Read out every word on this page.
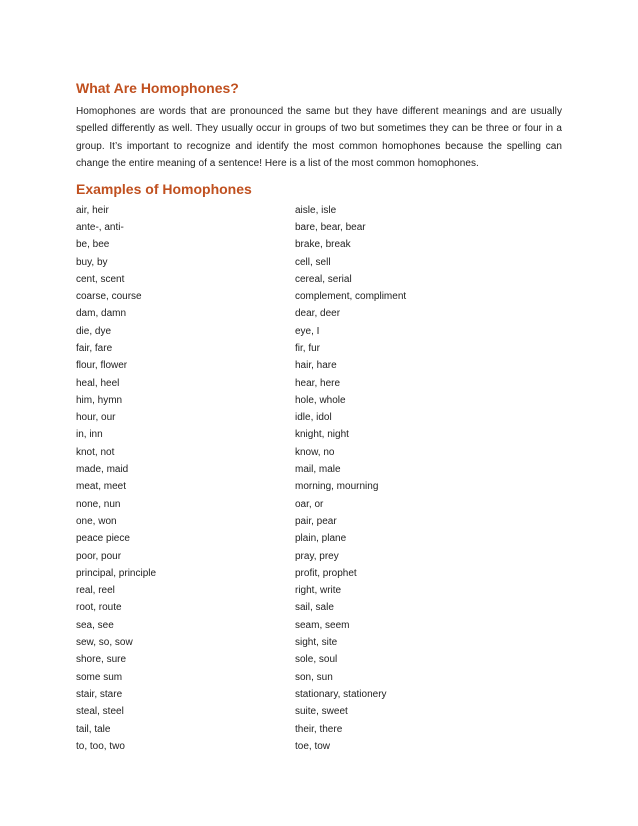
What Are Homophones?

Homophones are words that are pronounced the same but they have different meanings and are usually spelled differently as well. They usually occur in groups of two but sometimes they can be three or four in a group. It’s important to recognize and identify the most common homophones because the spelling can change the entire meaning of a sentence! Here is a list of the most common homophones.

Examples of Homophones
air, heir	aisle, isle
ante-, anti-	bare, bear, bear
be, bee	brake, break
buy, by	cell, sell
cent, scent	cereal, serial
coarse, course	complement, compliment
dam, damn	dear, deer
die, dye	eye, I
fair, fare	fir, fur
flour, flower	hair, hare
heal, heel	hear, here
him, hymn	hole, whole
hour, our	idle, idol
in, inn	knight, night
knot, not	know, no
made, maid	mail, male
meat, meet	morning, mourning
none, nun	oar, or
one, won	pair, pear
peace piece	plain, plane
poor, pour	pray, prey
principal, principle	profit, prophet
real, reel	right, write
root, route	sail, sale
sea, see	seam, seem
sew, so, sow	sight, site
shore, sure	sole, soul
some sum	son, sun
stair, stare	stationary, stationery
steal, steel	suite, sweet
tail, tale	their, there
to, too, two	toe, tow
